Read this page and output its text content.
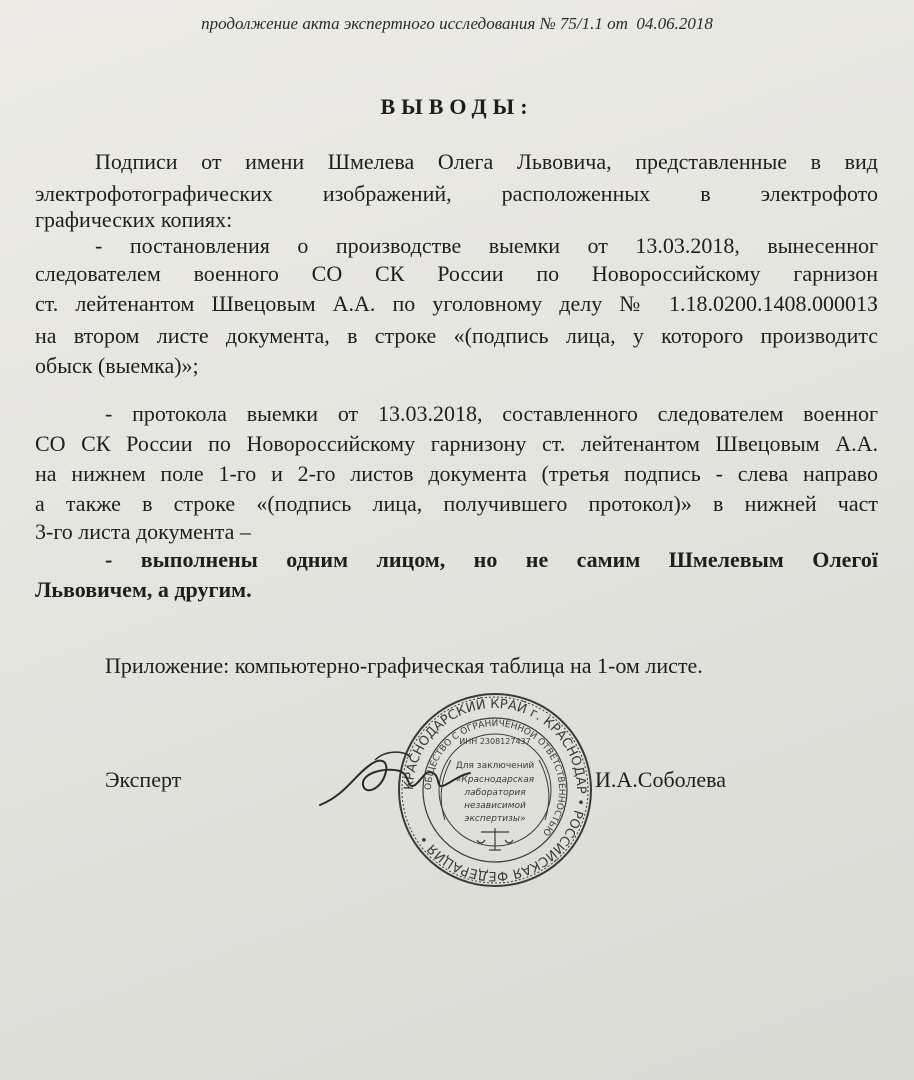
продолжение акта экспертного исследования № 75/1.1 от  04.06.2018
ВЫВОДЫ:
Подписи от имени Шмелева Олега Львовича, представленные в вид
электрофотографических изображений, расположенных в электрофото
графических копиях:
- постановления о производстве выемки от 13.03.2018, вынесенног
следователем военного СО СК России по Новороссийскому гарнизон
ст. лейтенантом Швецовым А.А. по уголовному делу № 1.18.0200.1408.00001З
на втором листе документа, в строке «(подпись лица, у которого производитс
обыск (выемка)»;
- протокола выемки от 13.03.2018, составленного следователем военног
СО СК России по Новороссийскому гарнизону ст. лейтенантом Швецовым А.А.
на нижнем поле 1-го и 2-го листов документа (третья подпись - слева направо
а также в строке «(подпись лица, получившего протокол)» в нижней част
3-го листа документа –
- выполнены одним лицом, но не самим Шмелевым Олегої
Львовичем, а другим.
Приложение: компьютерно-графическая таблица на 1-ом листе.
Эксперт	И.А.Соболева
КРАСНОДАРСКИЙ КРАЙ г. КРАСНОДАР • РОССИЙСКАЯ ФЕДЕРАЦИЯ •
ОБЩЕСТВО С ОГРАНИЧЕННОЙ ОТВЕТСТВЕННОСТЬЮ
ИНН 2308127437
Для заключений
«Краснодарская
лаборатория
независимой
экспертизы»
